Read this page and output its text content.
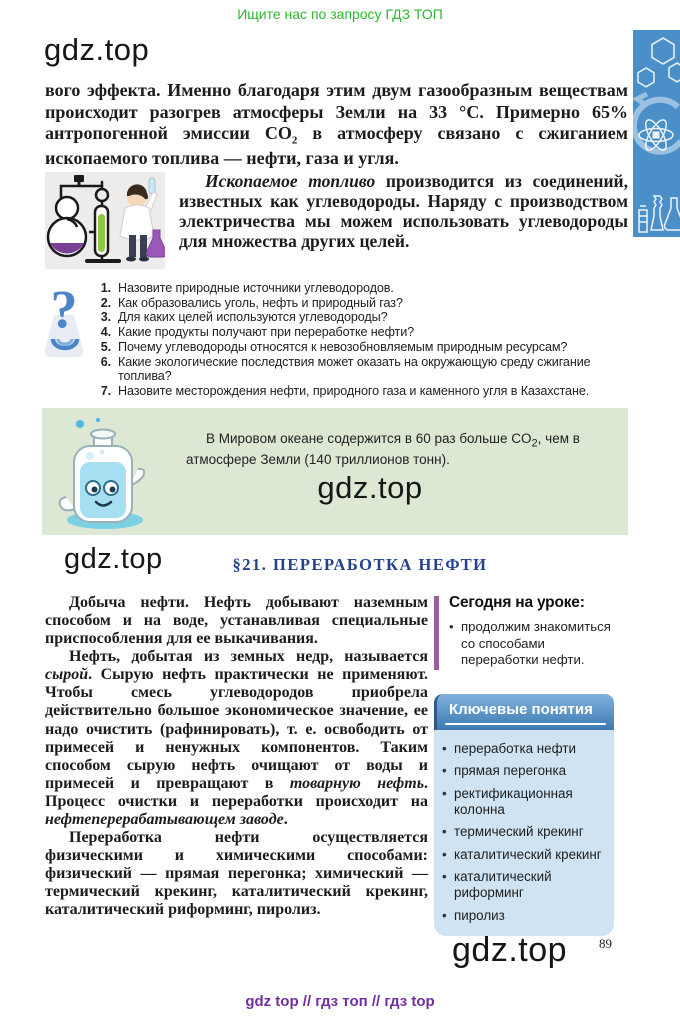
Ищите нас по запросу ГДЗ ТОП
gdz.top
вого эффекта. Именно благодаря этим двум газообразным веществам происходит разогрев атмосферы Земли на 33 °С. Примерно 65% антропогенной эмиссии $CO_2$ в атмосферу связано с сжиганием ископаемого топлива — нефти, газа и угля.
Ископаемое топливо производится из соединений, известных как углеводороды. Наряду с производством электричества мы можем использовать углеводороды для множества других целей.
?	1. Назовите природные источники углеводородов.
2. Как образовались уголь, нефть и природный газ?
3. Для каких целей используются углеводороды?
4. Какие продукты получают при переработке нефти?
5. Почему углеводороды относятся к невозобновляемым природным ресурсам?
6. Какие экологические последствия может оказать на окружающую среду сжигание топлива?
7. Назовите месторождения нефти, природного газа и каменного угля в Казахстане.
В Мировом океане содержится в 60 раз больше $CO_2$, чем в атмосфере Земли (140 триллионов тонн).
gdz.top
gdz.top	§21. ПЕРЕРАБОТКА НЕФТИ

Добыча нефти. Нефть добывают наземным способом и на воде, устанавливая специальные приспособления для ее выкачивания.

Нефть, добытая из земных недр, называется сырой. Сырую нефть практически не применяют. Чтобы смесь углеводородов приобрела действительно большое экономическое значение, ее надо очистить (рафинировать), т. е. освободить от примесей и ненужных компонентов. Таким способом сырую нефть очищают от воды и примесей и превращают в товарную нефть. Процесс очистки и переработки происходит на нефтеперерабатывающем заводе.

Переработка нефти осуществляется физическими и химическими способами: физический — прямая перегонка; химический — термический крекинг, каталитический крекинг, каталитический риформинг, пиролиз.

Сегодня на уроке:
• продолжим знакомиться со способами переработки нефти.
Ключевые понятия
• переработка нефти
• прямая перегонка
• ректификационная колонна
• термический крекинг
• каталитический крекинг
• каталитический риформинг
• пиролиз
gdz.top 89
gdz top // гдз топ // гдз top
